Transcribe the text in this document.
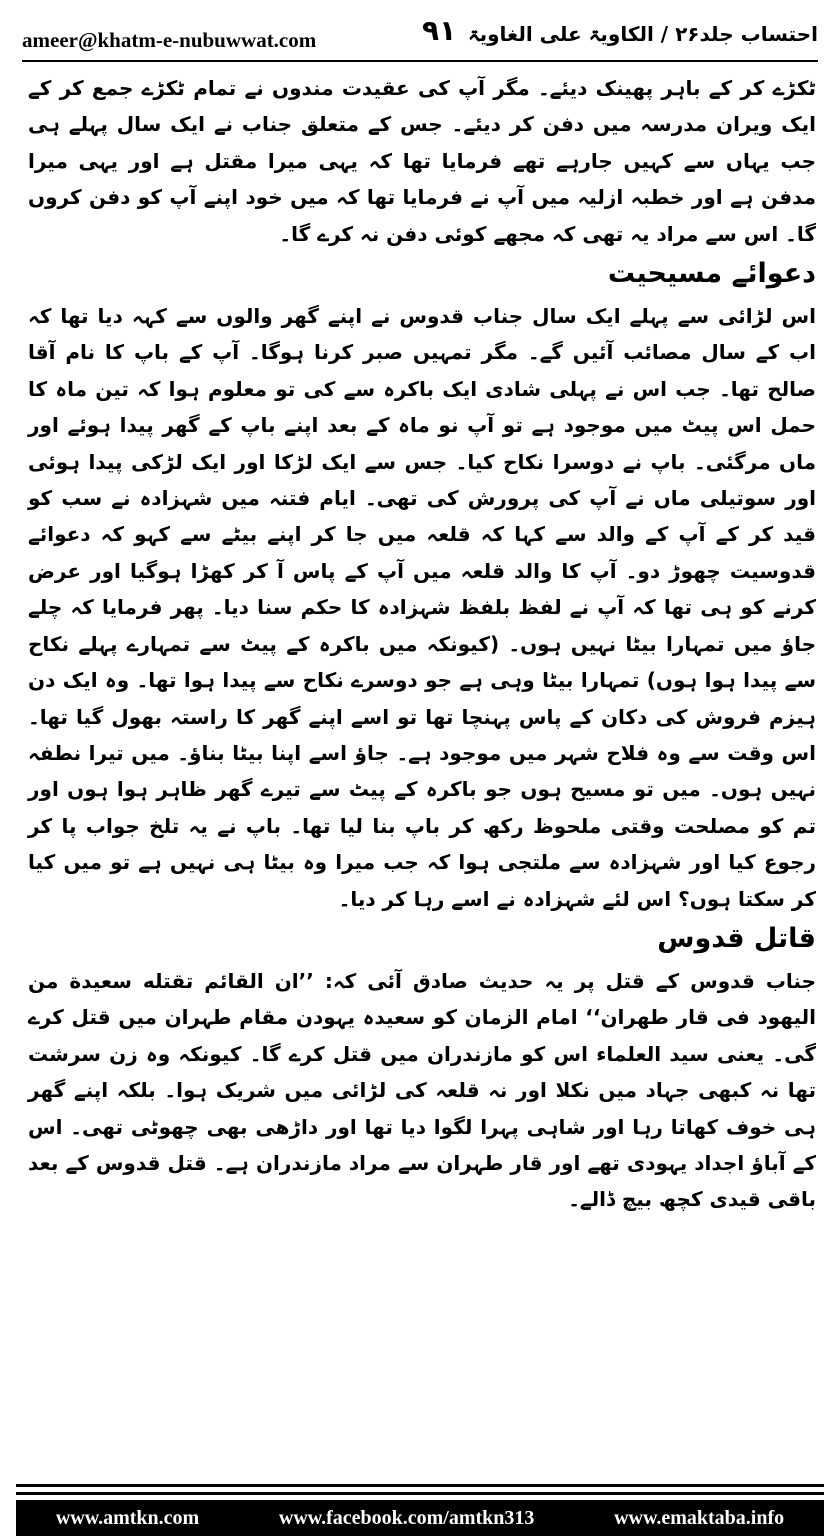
ameer@khatm-e-nubuwwat.com	۹۱ احتساب جلد۲۶ / الکاویۃ علی الغاویۃ

ٹکڑے کر کے باہر پھینک دیئے۔ مگر آپ کی عقیدت مندوں نے تمام ٹکڑے جمع کر کے ایک ویران مدرسہ میں دفن کر دیئے۔ جس کے متعلق جناب نے ایک سال پہلے ہی جب یہاں سے کہیں جارہے تھے فرمایا تھا کہ یہی میرا مقتل ہے اور یہی میرا مدفن ہے اور خطبہ ازلیہ میں آپ نے فرمایا تھا کہ میں خود اپنے آپ کو دفن کروں گا۔ اس سے مراد یہ تھی کہ مجھے کوئی دفن نہ کرے گا۔

دعوائے مسیحیت

اس لڑائی سے پہلے ایک سال جناب قدوس نے اپنے گھر والوں سے کہہ دیا تھا کہ اب کے سال مصائب آئیں گے۔ مگر تمہیں صبر کرنا ہوگا۔ آپ کے باپ کا نام آقا صالح تھا۔ جب اس نے پہلی شادی ایک باکرہ سے کی تو معلوم ہوا کہ تین ماہ کا حمل اس پیٹ میں موجود ہے تو آپ نو ماہ کے بعد اپنے باپ کے گھر پیدا ہوئے اور ماں مرگئی۔ باپ نے دوسرا نکاح کیا۔ جس سے ایک لڑکا اور ایک لڑکی پیدا ہوئی اور سوتیلی ماں نے آپ کی پرورش کی تھی۔ ایام فتنہ میں شہزادہ نے سب کو قید کر کے آپ کے والد سے کہا کہ قلعہ میں جا کر اپنے بیٹے سے کہو کہ دعوائے قدوسیت چھوڑ دو۔ آپ کا والد قلعہ میں آپ کے پاس آ کر کھڑا ہوگیا اور عرض کرنے کو ہی تھا کہ آپ نے لفظ بلفظ شہزادہ کا حکم سنا دیا۔ پھر فرمایا کہ چلے جاؤ میں تمہارا بیٹا نہیں ہوں۔ (کیونکہ میں باکرہ کے پیٹ سے تمہارے پہلے نکاح سے پیدا ہوا ہوں) تمہارا بیٹا وہی ہے جو دوسرے نکاح سے پیدا ہوا تھا۔ وہ ایک دن ہیزم فروش کی دکان کے پاس پہنچا تھا تو اسے اپنے گھر کا راستہ بھول گیا تھا۔ اس وقت سے وہ فلاح شہر میں موجود ہے۔ جاؤ اسے اپنا بیٹا بناؤ۔ میں تیرا نطفہ نہیں ہوں۔ میں تو مسیح ہوں جو باکرہ کے پیٹ سے تیرے گھر ظاہر ہوا ہوں اور تم کو مصلحت وقتی ملحوظ رکھ کر باپ بنا لیا تھا۔ باپ نے یہ تلخ جواب پا کر رجوع کیا اور شہزادہ سے ملتجی ہوا کہ جب میرا وہ بیٹا ہی نہیں ہے تو میں کیا کر سکتا ہوں؟ اس لئے شہزادہ نے اسے رہا کر دیا۔

قاتل قدوس

جناب قدوس کے قتل پر یہ حدیث صادق آئی کہ: ’’ان القائم تقتله سعيدة من اليهود فى قار طهران‘‘ امام الزمان کو سعیدہ یہودن مقام طہران میں قتل کرے گی۔ یعنی سید العلماء اس کو مازندران میں قتل کرے گا۔ کیونکہ وہ زن سرشت تھا نہ کبھی جہاد میں نکلا اور نہ قلعہ کی لڑائی میں شریک ہوا۔ بلکہ اپنے گھر ہی خوف کھاتا رہا اور شاہی پہرا لگوا دیا تھا اور داڑھی بھی چھوٹی تھی۔ اس کے آباؤ اجداد یہودی تھے اور قار طہران سے مراد مازندران ہے۔ قتل قدوس کے بعد باقی قیدی کچھ بیچ ڈالے۔

www.amtkn.com	www.facebook.com/amtkn313	www.emaktaba.info
